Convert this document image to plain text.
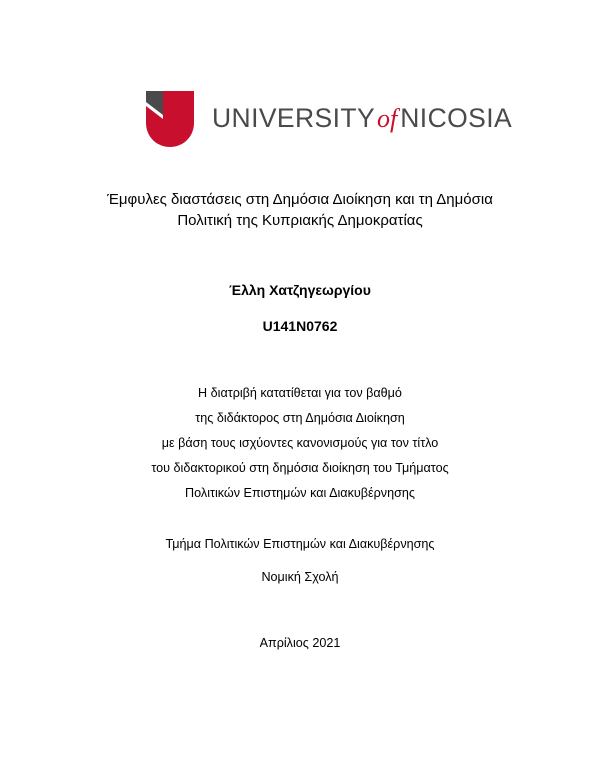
UNIVERSITYof NICOSIA
Έμφυλες διαστάσεις στη Δημόσια Διοίκηση και τη Δημόσια
Πολιτική της Κυπριακής Δημοκρατίας
Έλλη Χατζηγεωργίου
U141N0762
Η διατριβή κατατίθεται για τον βαθμό
της διδάκτορος στη Δημόσια Διοίκηση
με βάση τους ισχύοντες κανονισμούς για τον τίτλο
του διδακτορικού στη δημόσια διοίκηση του Τμήματος
Πολιτικών Επιστημών και Διακυβέρνησης
Τμήμα Πολιτικών Επιστημών και Διακυβέρνησης
Νομική Σχολή
Απρίλιος 2021
